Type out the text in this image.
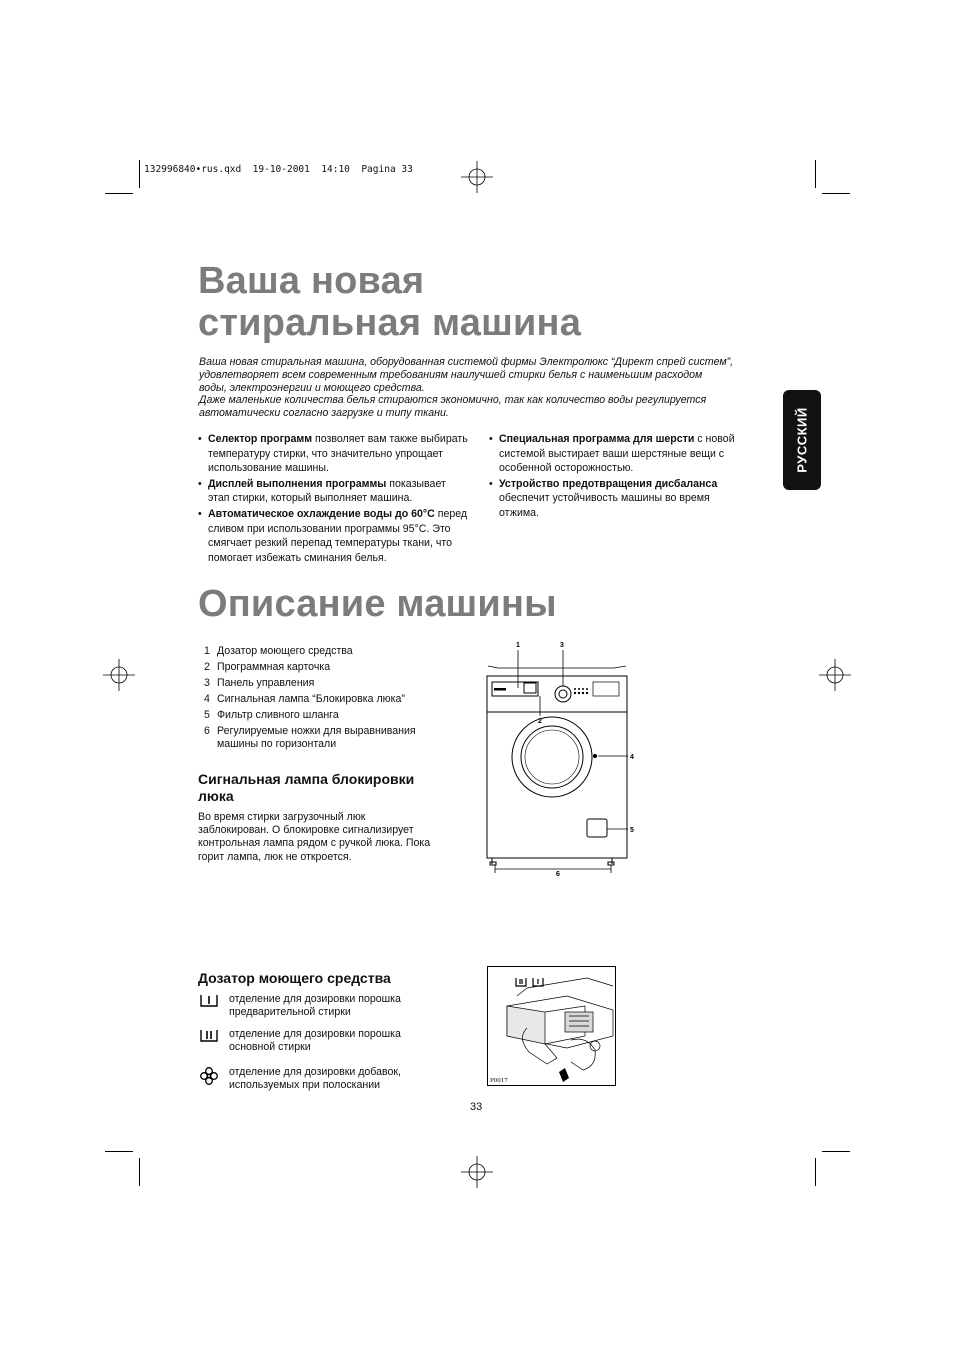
132996840•rus.qxd  19-10-2001  14:10  Pagina 33
Ваша новая
стиральная машина
Ваша новая стиральная машина, оборудованная системой фирмы Электролюкс “Директ спрей систем”,
удовлетворяет всем современным требованиям наилучшей стирки белья с наименьшим расходом
воды, электроэнергии и моющего средства.
Даже маленькие количества белья стираются экономично, так как количество воды регулируется
автоматически согласно загрузке и типу ткани.
• Селектор программ позволяет вам также выбирать температуру стирки, что значительно упрощает использование машины.
• Дисплей выполнения программы показывает этап стирки, который выполняет машина.
• Автоматическое охлаждение воды до 60°C перед сливом при использовании программы 95°C. Это смягчает резкий перепад температуры ткани, что помогает избежать сминания белья.
• Специальная программа для шерсти с новой системой выстирает ваши шерстяные вещи с особенной осторожностью.
• Устройство предотвращения дисбаланса обеспечит устойчивость машины во время отжима.
РУССКИЙ
Описание машины
1 Дозатор моющего средства
2 Программная карточка
3 Панель управления
4 Сигнальная лампа “Блокировка люка”
5 Фильтр сливного шланга
6 Регулируемые ножки для выравнивания машины по горизонтали
Сигнальная лампа блокировки
люка
Во время стирки загрузочный люк
заблокирован. О блокировке сигнализирует
контрольная лампа рядом с ручкой люка. Пока
горит лампа, люк не откроется.
1	3
2
4
5
6
Дозатор моющего средства
отделение для дозировки порошка
предварительной стирки
отделение для дозировки порошка
основной стирки
отделение для дозировки добавок,
используемых при полоскании	P0017
33
